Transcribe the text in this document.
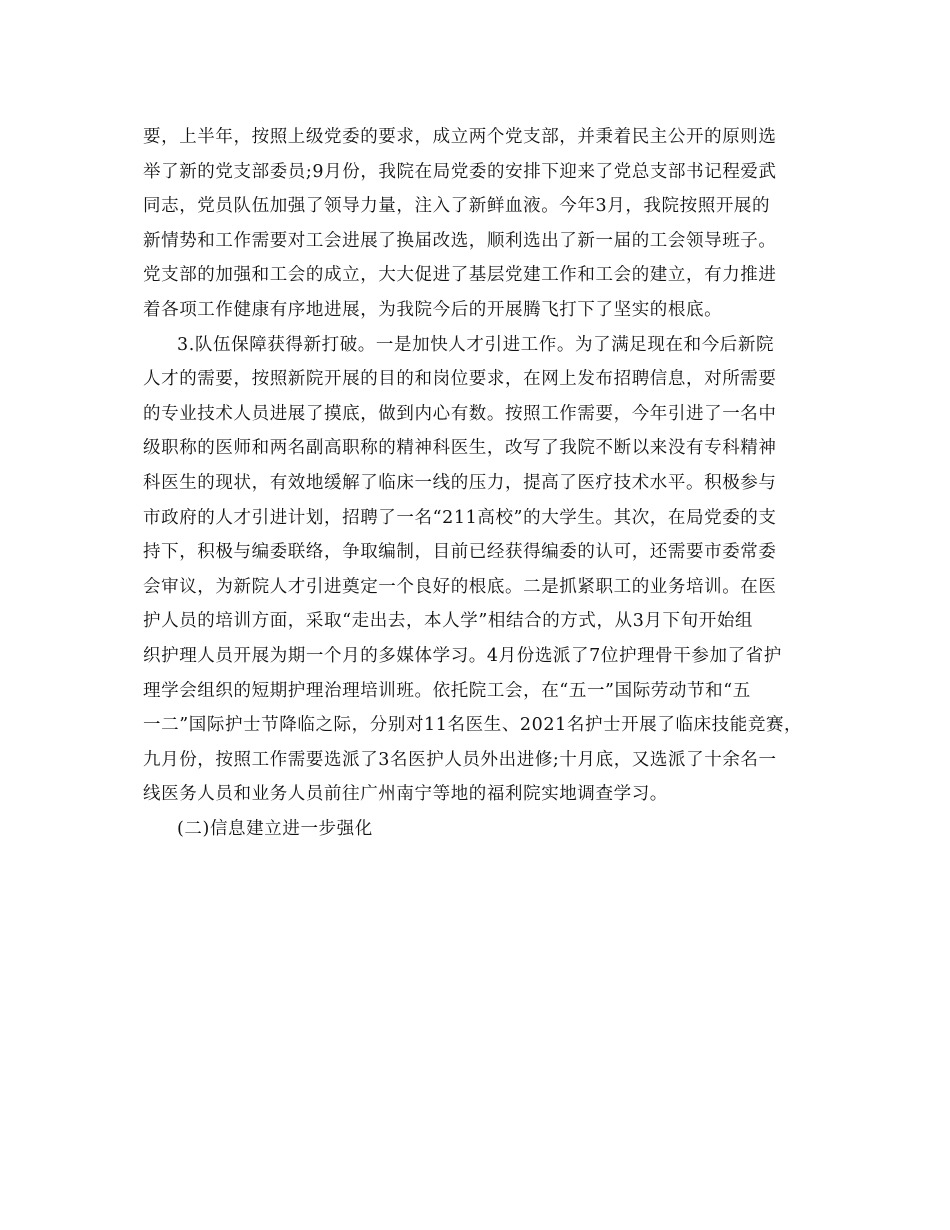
要，上半年，按照上级党委的要求，成立两个党支部，并秉着民主公开的原则选
举了新的党支部委员;9月份，我院在局党委的安排下迎来了党总支部书记程爱武
同志，党员队伍加强了领导力量，注入了新鲜血液。今年3月，我院按照开展的
新情势和工作需要对工会进展了换届改选，顺利选出了新一届的工会领导班子。
党支部的加强和工会的成立，大大促进了基层党建工作和工会的建立，有力推进
着各项工作健康有序地进展，为我院今后的开展腾飞打下了坚实的根底。
3.队伍保障获得新打破。一是加快人才引进工作。为了满足现在和今后新院
人才的需要，按照新院开展的目的和岗位要求，在网上发布招聘信息，对所需要
的专业技术人员进展了摸底，做到内心有数。按照工作需要，今年引进了一名中
级职称的医师和两名副高职称的精神科医生，改写了我院不断以来没有专科精神
科医生的现状，有效地缓解了临床一线的压力，提高了医疗技术水平。积极参与
市政府的人才引进计划，招聘了一名“211高校”的大学生。其次，在局党委的支
持下，积极与编委联络，争取编制，目前已经获得编委的认可，还需要市委常委
会审议，为新院人才引进奠定一个良好的根底。二是抓紧职工的业务培训。在医
护人员的培训方面，采取“走出去，本人学”相结合的方式，从3月下旬开始组
织护理人员开展为期一个月的多媒体学习。4月份选派了7位护理骨干参加了省护
理学会组织的短期护理治理培训班。依托院工会，在“五一”国际劳动节和“五
一二”国际护士节降临之际，分别对11名医生、2021名护士开展了临床技能竞赛，
九月份，按照工作需要选派了3名医护人员外出进修;十月底，又选派了十余名一
线医务人员和业务人员前往广州南宁等地的福利院实地调查学习。
(二)信息建立进一步强化
